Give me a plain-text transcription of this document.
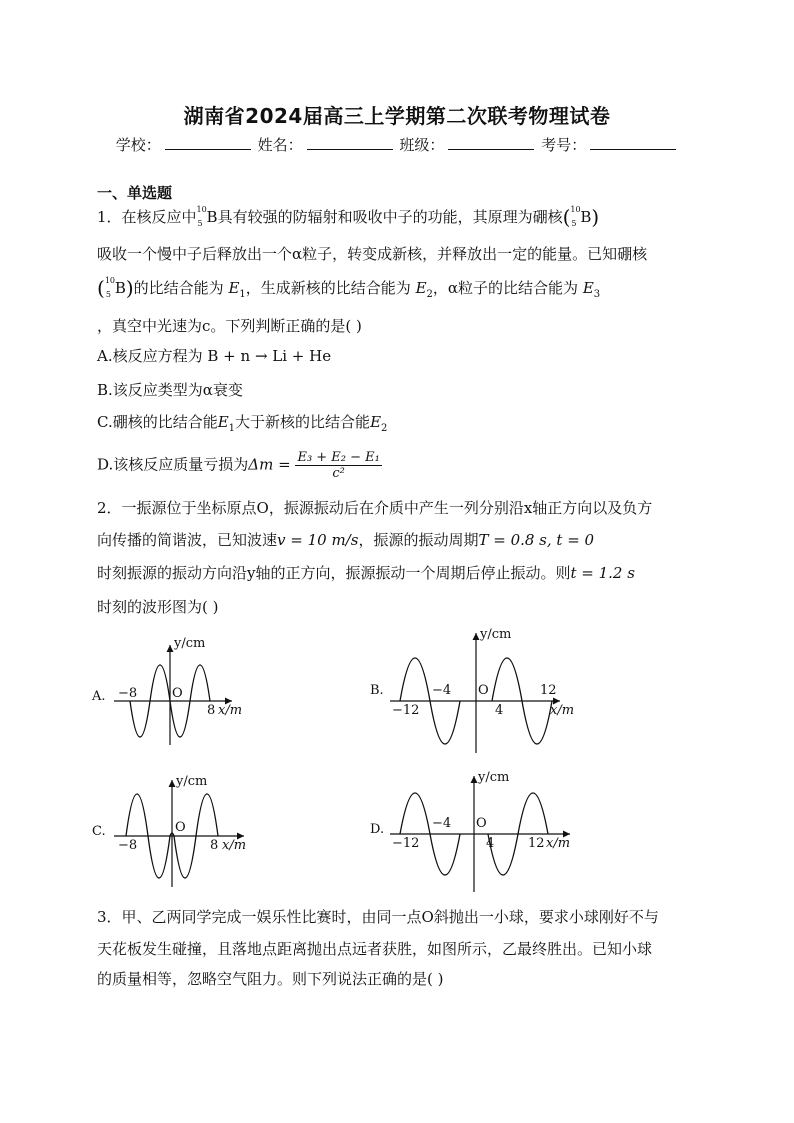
湖南省2024届高三上学期第二次联考物理试卷
学校：	姓名：	班级：	考号：
一、单选题
1．在核反应中 10
5 B具有较强的防辐射和吸收中子的功能，其原理为硼核( 10
5 B)
吸收一个慢中子后释放出一个α粒子，转变成新核，并释放出一定的能量。已知硼核
( 10
5 B)的比结合能为 $E_1$，生成新核的比结合能为 $E_2$，α粒子的比结合能为 $E_3$
，真空中光速为c。下列判断正确的是( )
A.核反应方程为 B + n → Li + He
B.该反应类型为α衰变
C.硼核的比结合能$E_1$大于新核的比结合能$E_2$
D.该核反应质量亏损为$\Delta m = \frac{\text{E₃ + E₂ − E₁}}{\text{c²}}$
2．一振源位于坐标原点O，振源振动后在介质中产生一列分别沿x轴正方向以及负方
向传播的简谐波，已知波速v = 10 m/s，振源的振动周期T = 0.8 s, t = 0
时刻振源的振动方向沿y轴的正方向，振源振动一个周期后停止振动。则t = 1.2 s
时刻的波形图为( )
A.
y/cm
−8	O
8 x/m
B.
y/cm
−12
−4 O
4
12
x/m
C.
y/cm
−8
O
8 x/m
D.
y/cm
−12
−4 O
4	12 x/m
3．甲、乙两同学完成一娱乐性比赛时，由同一点O斜抛出一小球，要求小球刚好不与
天花板发生碰撞，且落地点距离抛出点远者获胜，如图所示，乙最终胜出。已知小球
的质量相等，忽略空气阻力。则下列说法正确的是( )
